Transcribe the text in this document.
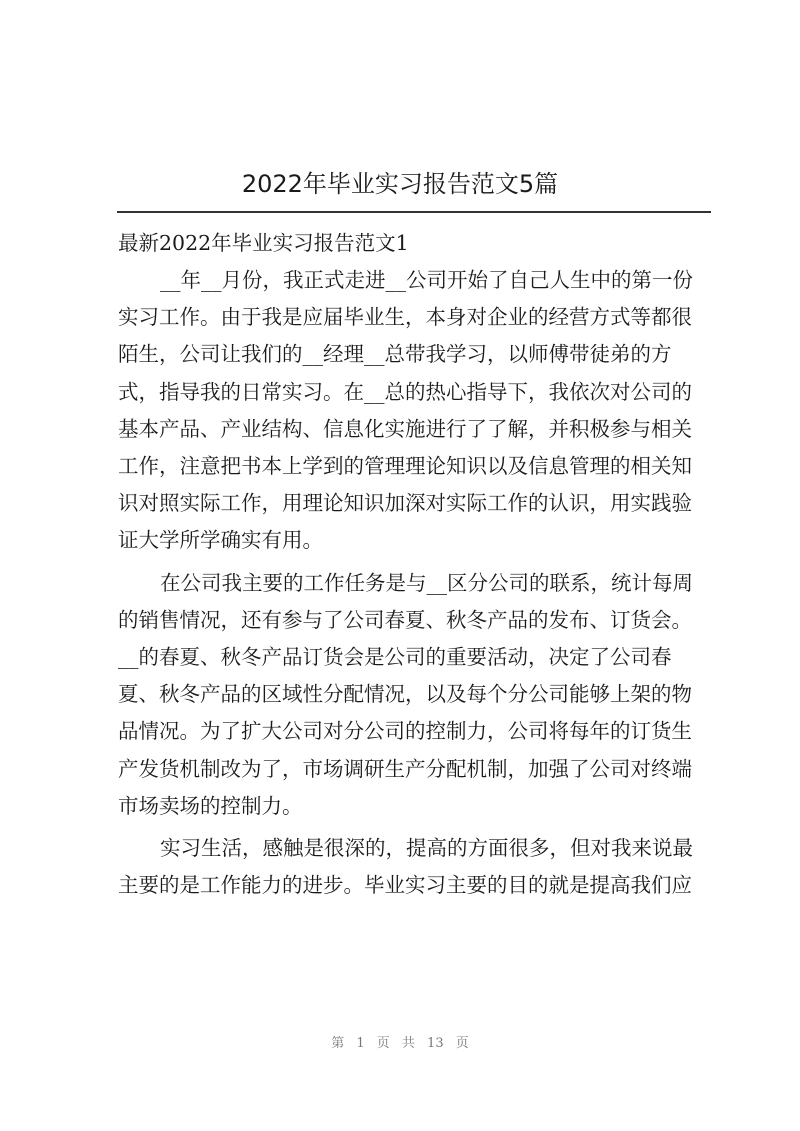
2022年毕业实习报告范文5篇
最新2022年毕业实习报告范文1
__年__月份，我正式走进__公司开始了自己人生中的第一份
实习工作。由于我是应届毕业生，本身对企业的经营方式等都很
陌生，公司让我们的__经理__总带我学习，以师傅带徒弟的方
式，指导我的日常实习。在__总的热心指导下，我依次对公司的
基本产品、产业结构、信息化实施进行了了解，并积极参与相关
工作，注意把书本上学到的管理理论知识以及信息管理的相关知
识对照实际工作，用理论知识加深对实际工作的认识，用实践验
证大学所学确实有用。
在公司我主要的工作任务是与__区分公司的联系，统计每周
的销售情况，还有参与了公司春夏、秋冬产品的发布、订货会。
__的春夏、秋冬产品订货会是公司的重要活动，决定了公司春
夏、秋冬产品的区域性分配情况，以及每个分公司能够上架的物
品情况。为了扩大公司对分公司的控制力，公司将每年的订货生
产发货机制改为了，市场调研生产分配机制，加强了公司对终端
市场卖场的控制力。
实习生活，感触是很深的，提高的方面很多，但对我来说最
主要的是工作能力的进步。毕业实习主要的目的就是提高我们应
第 1 页 共 13 页
